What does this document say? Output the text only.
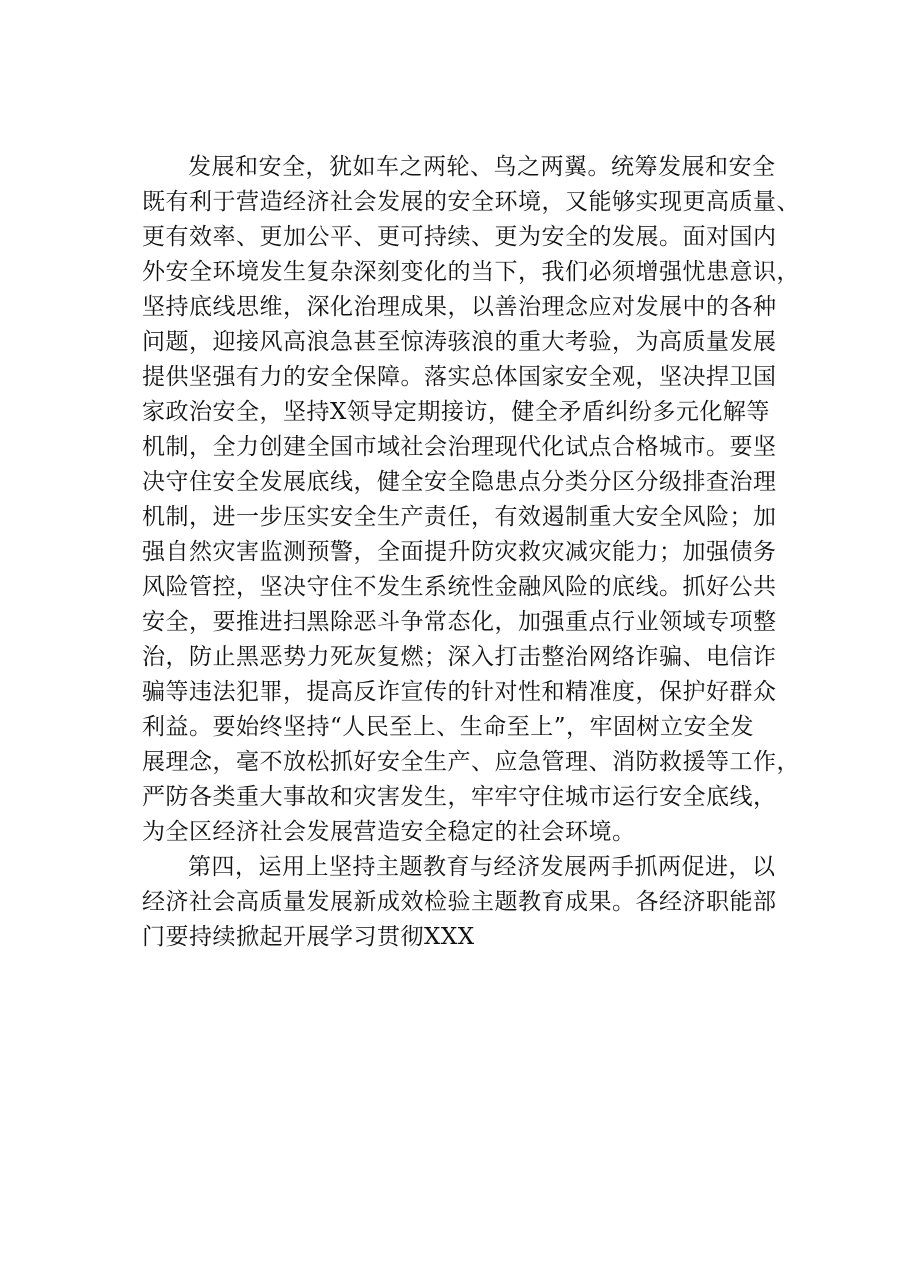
发展和安全，犹如车之两轮、鸟之两翼。统筹发展和安全
既有利于营造经济社会发展的安全环境，又能够实现更高质量、
更有效率、更加公平、更可持续、更为安全的发展。面对国内
外安全环境发生复杂深刻变化的当下，我们必须增强忧患意识，
坚持底线思维，深化治理成果，以善治理念应对发展中的各种
问题，迎接风高浪急甚至惊涛骇浪的重大考验，为高质量发展
提供坚强有力的安全保障。落实总体国家安全观，坚决捍卫国
家政治安全，坚持X领导定期接访，健全矛盾纠纷多元化解等
机制，全力创建全国市域社会治理现代化试点合格城市。要坚
决守住安全发展底线，健全安全隐患点分类分区分级排查治理
机制，进一步压实安全生产责任，有效遏制重大安全风险；加
强自然灾害监测预警，全面提升防灾救灾减灾能力；加强债务
风险管控，坚决守住不发生系统性金融风险的底线。抓好公共
安全，要推进扫黑除恶斗争常态化，加强重点行业领域专项整
治，防止黑恶势力死灰复燃；深入打击整治网络诈骗、电信诈
骗等违法犯罪，提高反诈宣传的针对性和精准度，保护好群众
利益。要始终坚持“人民至上、生命至上”，牢固树立安全发
展理念，毫不放松抓好安全生产、应急管理、消防救援等工作，
严防各类重大事故和灾害发生，牢牢守住城市运行安全底线，
为全区经济社会发展营造安全稳定的社会环境。
第四，运用上坚持主题教育与经济发展两手抓两促进，以
经济社会高质量发展新成效检验主题教育成果。各经济职能部
门要持续掀起开展学习贯彻XXX
